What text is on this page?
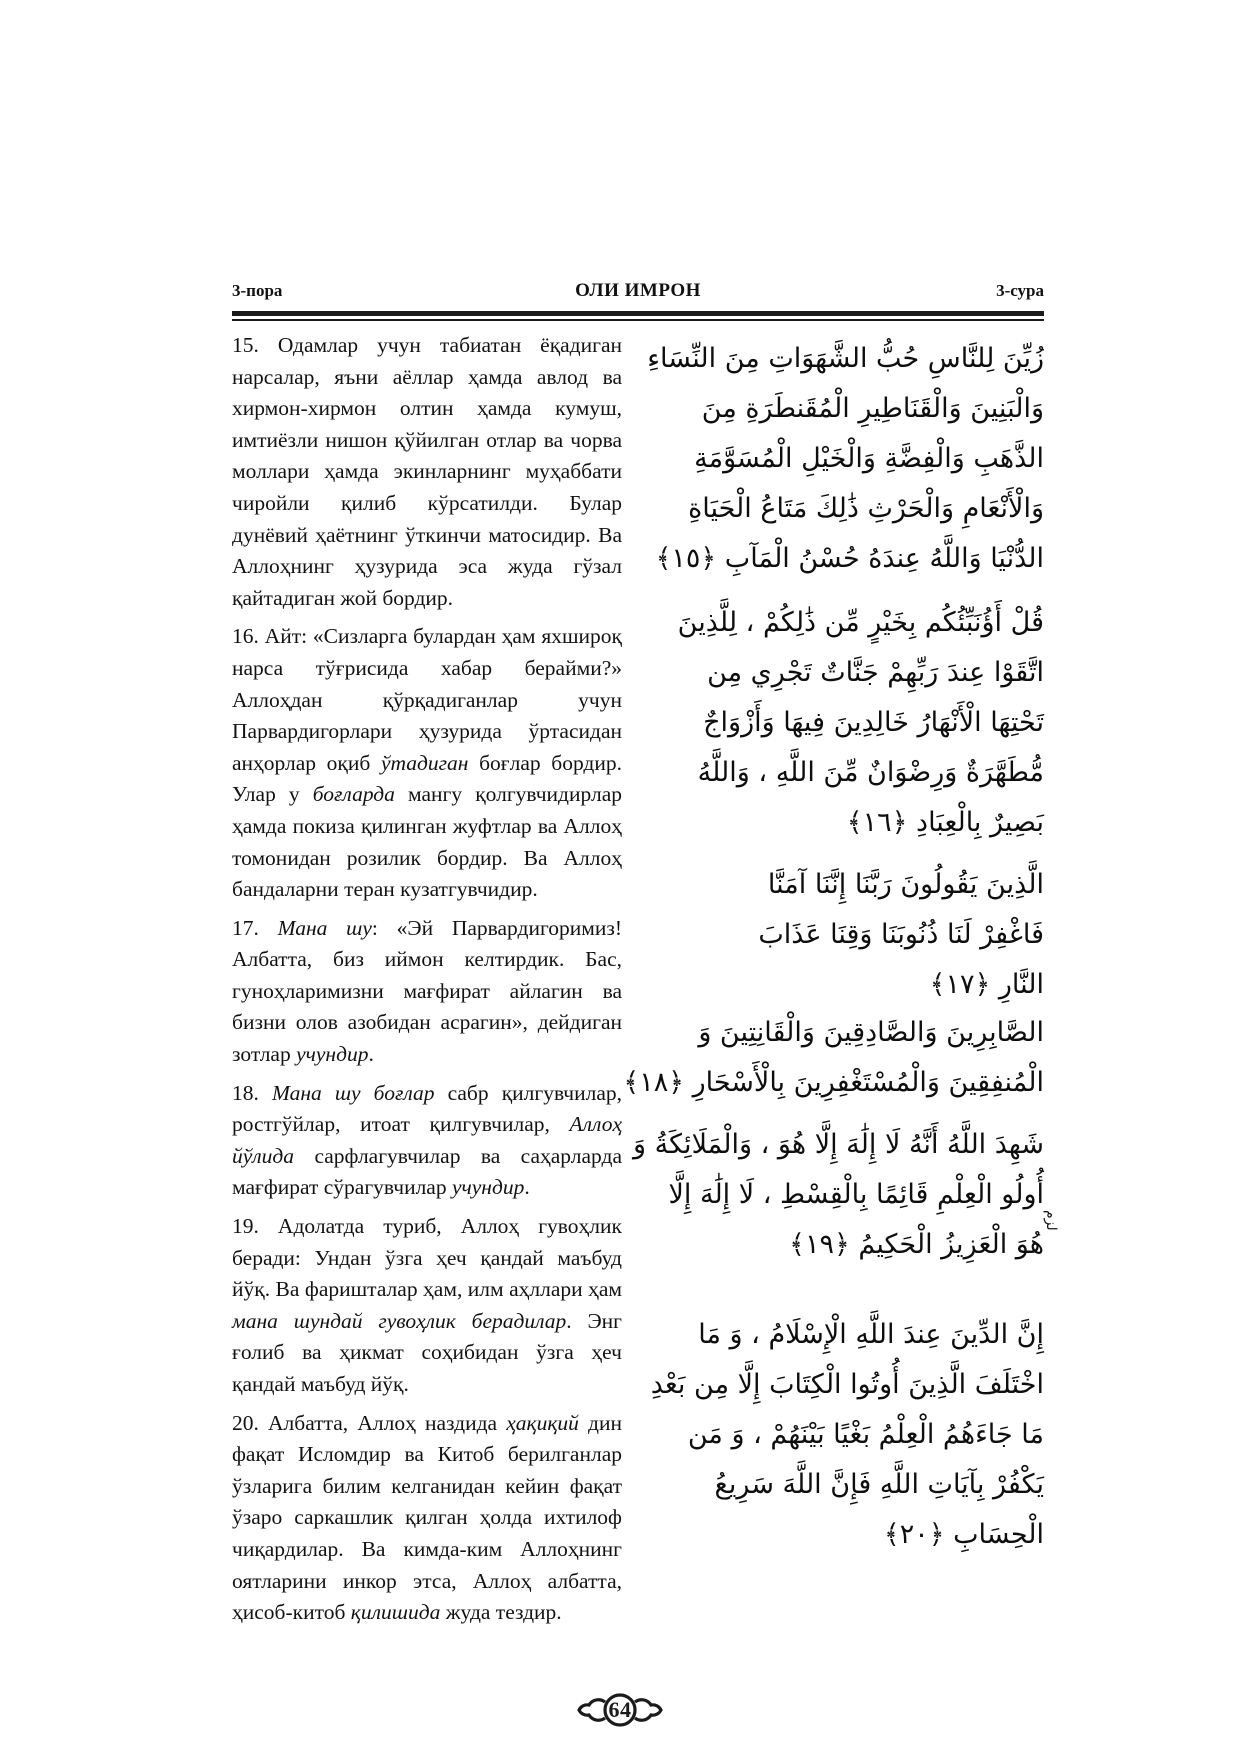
3-пора	ОЛИ ИМРОН	3-сура

15. Одамлар учун табиатан ёқадиган нарсалар, яъни аёллар ҳамда авлод ва хирмон-хирмон олтин ҳамда кумуш, имтиёзли нишон қўйилган отлар ва чорва моллари ҳамда экинларнинг муҳаббати чиройли қилиб кўрсатилди. Булар дунёвий ҳаётнинг ўткинчи матосидир. Ва Аллоҳнинг ҳузурида эса жуда гўзал қайтадиган жой бордир.

16. Айт: «Сизларга булардан ҳам яхшироқ нарса тўғрисида хабар берайми?» Аллоҳдан қўрқадиганлар учун Парвардигорлари ҳузурида ўртасидан анҳорлар оқиб ўтадиган боғлар бордир. Улар у боғларда мангу қолгувчидирлар ҳамда покиза қилинган жуфтлар ва Аллоҳ томонидан розилик бордир. Ва Аллоҳ бандаларни теран кузатгувчидир.

17. Мана шу: «Эй Парвардигоримиз! Албатта, биз иймон келтирдик. Бас, гуноҳларимизни мағфират айлагин ва бизни олов азобидан асрагин», дейдиган зотлар учундир.

18. Мана шу боғлар сабр қилгувчилар, ростгўйлар, итоат қилгувчилар, Аллоҳ йўлида сарфлагувчилар ва саҳарларда мағфират сўрагувчилар учундир.

19. Адолатда туриб, Аллоҳ гувоҳлик беради: Ундан ўзга ҳеч қандай маъбуд йўқ. Ва фаришталар ҳам, илм аҳллари ҳам мана шундай гувоҳлик берадилар. Энг ғолиб ва ҳикмат соҳибидан ўзга ҳеч қандай маъбуд йўқ.

20. Албатта, Аллоҳ наздида ҳақиқий дин фақат Исломдир ва Китоб берилганлар ўзларига билим келганидан кейин фақат ўзаро саркашлик қилган ҳолда ихтилоф чиқардилар. Ва кимда-ким Аллоҳнинг оятларини инкор этса, Аллоҳ албатта, ҳисоб-китоб қилишида жуда тездир.

زُيِّنَ لِلنَّاسِ حُبُّ الشَّهَوَاتِ مِنَ النِّسَاءِ
وَالْبَنِينَ وَالْقَنَاطِيرِ الْمُقَنطَرَةِ مِنَ
الذَّهَبِ وَالْفِضَّةِ وَالْخَيْلِ الْمُسَوَّمَةِ
وَالْأَنْعَامِ وَالْحَرْثِ ذَٰلِكَ مَتَاعُ الْحَيَاةِ
الدُّنْيَا وَاللَّهُ عِندَهُ حُسْنُ الْمَآبِ ﴿١٥﴾
قُلْ أَؤُنَبِّئُكُم بِخَيْرٍ مِّن ذَٰلِكُمْ ، لِلَّذِينَ
اتَّقَوْا عِندَ رَبِّهِمْ جَنَّاتٌ تَجْرِي مِن
تَحْتِهَا الْأَنْهَارُ خَالِدِينَ فِيهَا وَأَزْوَاجٌ
مُّطَهَّرَةٌ وَرِضْوَانٌ مِّنَ اللَّهِ ، وَاللَّهُ
بَصِيرٌ بِالْعِبَادِ ﴿١٦﴾
الَّذِينَ يَقُولُونَ رَبَّنَا إِنَّنَا آمَنَّا
فَاغْفِرْ لَنَا ذُنُوبَنَا وَقِنَا عَذَابَ
النَّارِ ﴿١٧﴾
الصَّابِرِينَ وَالصَّادِقِينَ وَالْقَانِتِينَ وَ
الْمُنفِقِينَ وَالْمُسْتَغْفِرِينَ بِالْأَسْحَارِ ﴿١٨﴾
شَهِدَ اللَّهُ أَنَّهُ لَا إِلَٰهَ إِلَّا هُوَ ، وَالْمَلَائِكَةُ وَ
أُولُو الْعِلْمِ قَائِمًا بِالْقِسْطِ ، لَا إِلَٰهَ إِلَّا
هُوَ الْعَزِيزُ الْحَكِيمُ ﴿١٩﴾
إِنَّ الدِّينَ عِندَ اللَّهِ الْإِسْلَامُ ، وَ مَا
اخْتَلَفَ الَّذِينَ أُوتُوا الْكِتَابَ إِلَّا مِن بَعْدِ
مَا جَاءَهُمُ الْعِلْمُ بَغْيًا بَيْنَهُمْ ، وَ مَن
يَكْفُرْ بِآيَاتِ اللَّهِ فَإِنَّ اللَّهَ سَرِيعُ
الْحِسَابِ ﴿٢٠﴾
لزم
64
